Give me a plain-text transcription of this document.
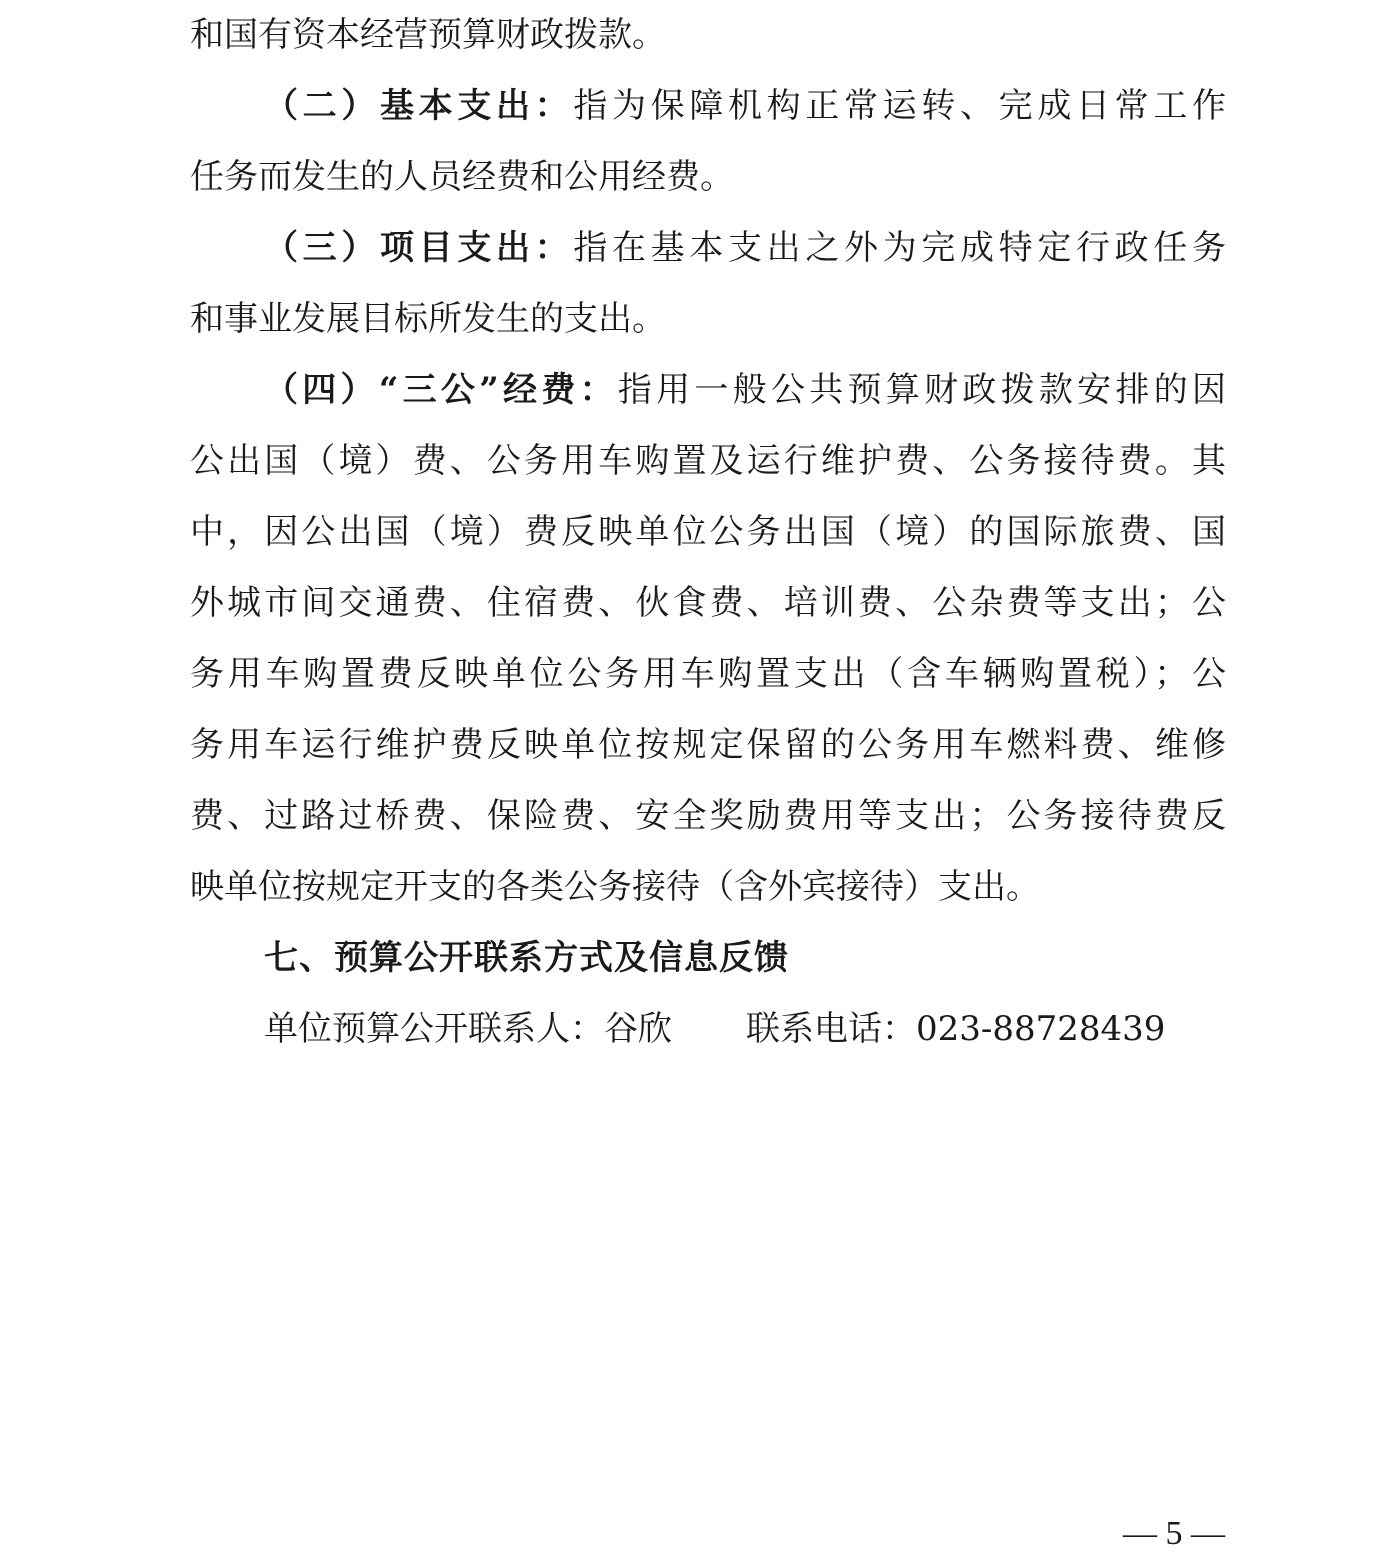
和国有资本经营预算财政拨款。
（二）基本支出：指为保障机构正常运转、完成日常工作
任务而发生的人员经费和公用经费。
（三）项目支出：指在基本支出之外为完成特定行政任务
和事业发展目标所发生的支出。
（四）“三公”经费：指用一般公共预算财政拨款安排的因
公出国（境）费、公务用车购置及运行维护费、公务接待费。其
中，因公出国（境）费反映单位公务出国（境）的国际旅费、国
外城市间交通费、住宿费、伙食费、培训费、公杂费等支出；公
务用车购置费反映单位公务用车购置支出（含车辆购置税）；公
务用车运行维护费反映单位按规定保留的公务用车燃料费、维修
费、过路过桥费、保险费、安全奖励费用等支出；公务接待费反
映单位按规定开支的各类公务接待（含外宾接待）支出。
七、预算公开联系方式及信息反馈
单位预算公开联系人：谷欣 联系电话：023-88728439
— 5 —
